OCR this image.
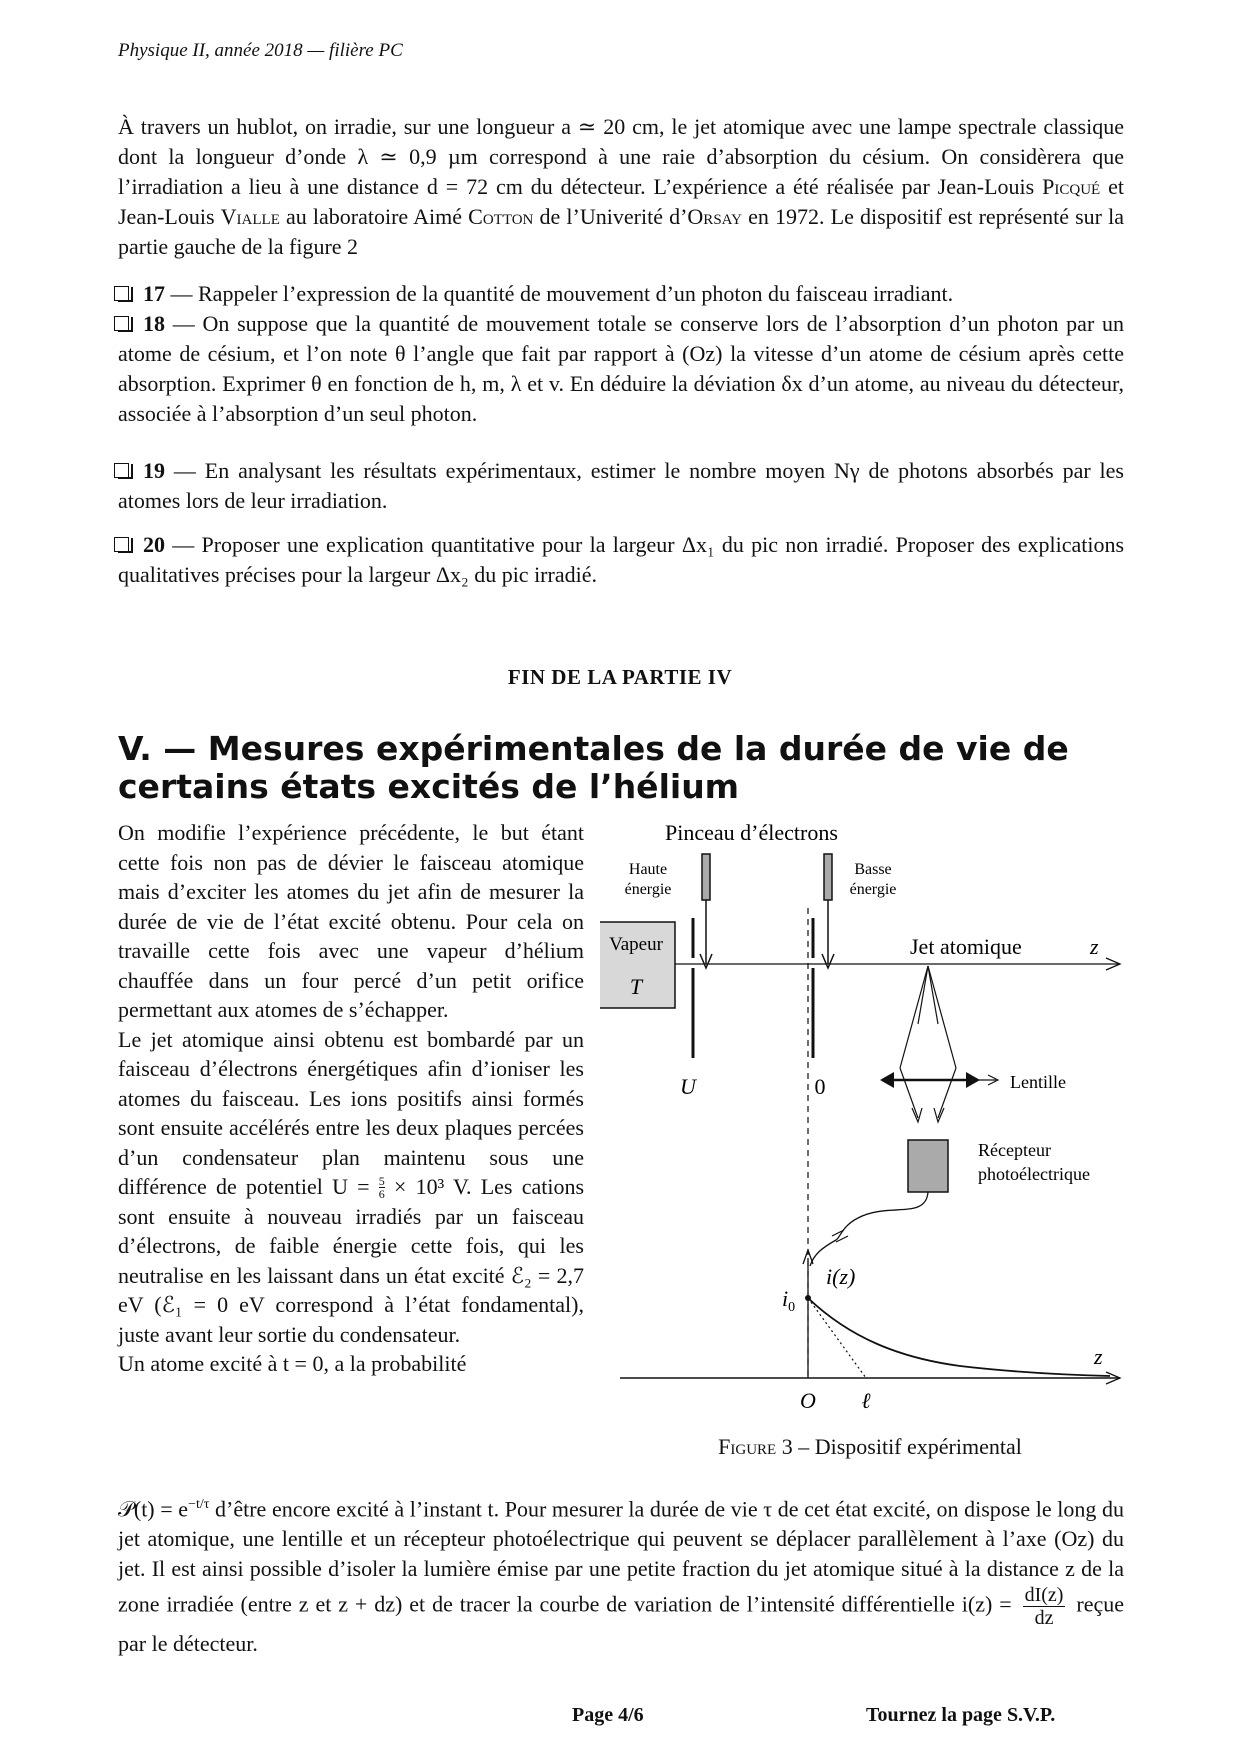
Physique II, année 2018 — filière PC

À travers un hublot, on irradie, sur une longueur a ≃ 20 cm, le jet atomique avec une lampe spectrale classique dont la longueur d’onde λ ≃ 0,9 µm correspond à une raie d’absorption du césium. On considèrera que l’irradiation a lieu à une distance d = 72 cm du détecteur. L’expérience a été réalisée par Jean-Louis Picqué et Jean-Louis Vialle au laboratoire Aimé Cotton de l’Univerité d’Orsay en 1972. Le dispositif est représenté sur la partie gauche de la figure 2

17 — Rappeler l’expression de la quantité de mouvement d’un photon du faisceau irradiant.

18 — On suppose que la quantité de mouvement totale se conserve lors de l’absorption d’un photon par un atome de césium, et l’on note θ l’angle que fait par rapport à (Oz) la vitesse d’un atome de césium après cette absorption. Exprimer θ en fonction de h, m, λ et v. En déduire la déviation δx d’un atome, au niveau du détecteur, associée à l’absorption d’un seul photon.

19 — En analysant les résultats expérimentaux, estimer le nombre moyen Nγ de photons absorbés par les atomes lors de leur irradiation.

20 — Proposer une explication quantitative pour la largeur Δx₁ du pic non irradié. Proposer des explications qualitatives précises pour la largeur Δx₂ du pic irradié.

FIN DE LA PARTIE IV
V. — Mesures expérimentales de la durée de vie de certains états excités de l’hélium

On modifie l’expérience précédente, le but étant cette fois non pas de dévier le faisceau atomique mais d’exciter les atomes du jet afin de mesurer la durée de vie de l’état excité obtenu. Pour cela on travaille cette fois avec une vapeur d’hélium chauffée dans un four percé d’un petit orifice permettant aux atomes de s’échapper.
Le jet atomique ainsi obtenu est bombardé par un faisceau d’électrons énergétiques afin d’ioniser les atomes du faisceau. Les ions positifs ainsi formés sont ensuite accélérés entre les deux plaques percées d’un condensateur plan maintenu sous une différence de potentiel $U = \frac{5}{6} \times 10^3$ V. Les cations sont ensuite à nouveau irradiés par un faisceau d’électrons, de faible énergie cette fois, qui les neutralise en les laissant dans un état excité ℰ₂ = 2,7 eV (ℰ₁ = 0 eV correspond à l’état fondamental), juste avant leur sortie du condensateur.
Un atome excité à t = 0, a la probabilité

Pinceau d’électrons
Haute
énergie
Basse
énergie
Vapeur
T
U	0
Jet atomique	z
Lentille
Récepteur
photoélectrique
i(z)
$i_0$
z
O ℓ
Figure 3 – Dispositif expérimental

𝒫(t) = $e^{-t/\tau}$ d’être encore excité à l’instant t. Pour mesurer la durée de vie τ de cet état excité, on dispose le long du jet atomique, une lentille et un récepteur photoélectrique qui peuvent se déplacer parallèlement à l’axe (Oz) du jet. Il est ainsi possible d’isoler la lumière émise par une petite fraction du jet atomique situé à la distance z de la zone irradiée (entre z et z + dz) et de tracer la courbe de variation de l’intensité différentielle $i(z) = \frac{dI(z)}{dz}$ reçue par le détecteur.

Page 4/6	Tournez la page S.V.P.
